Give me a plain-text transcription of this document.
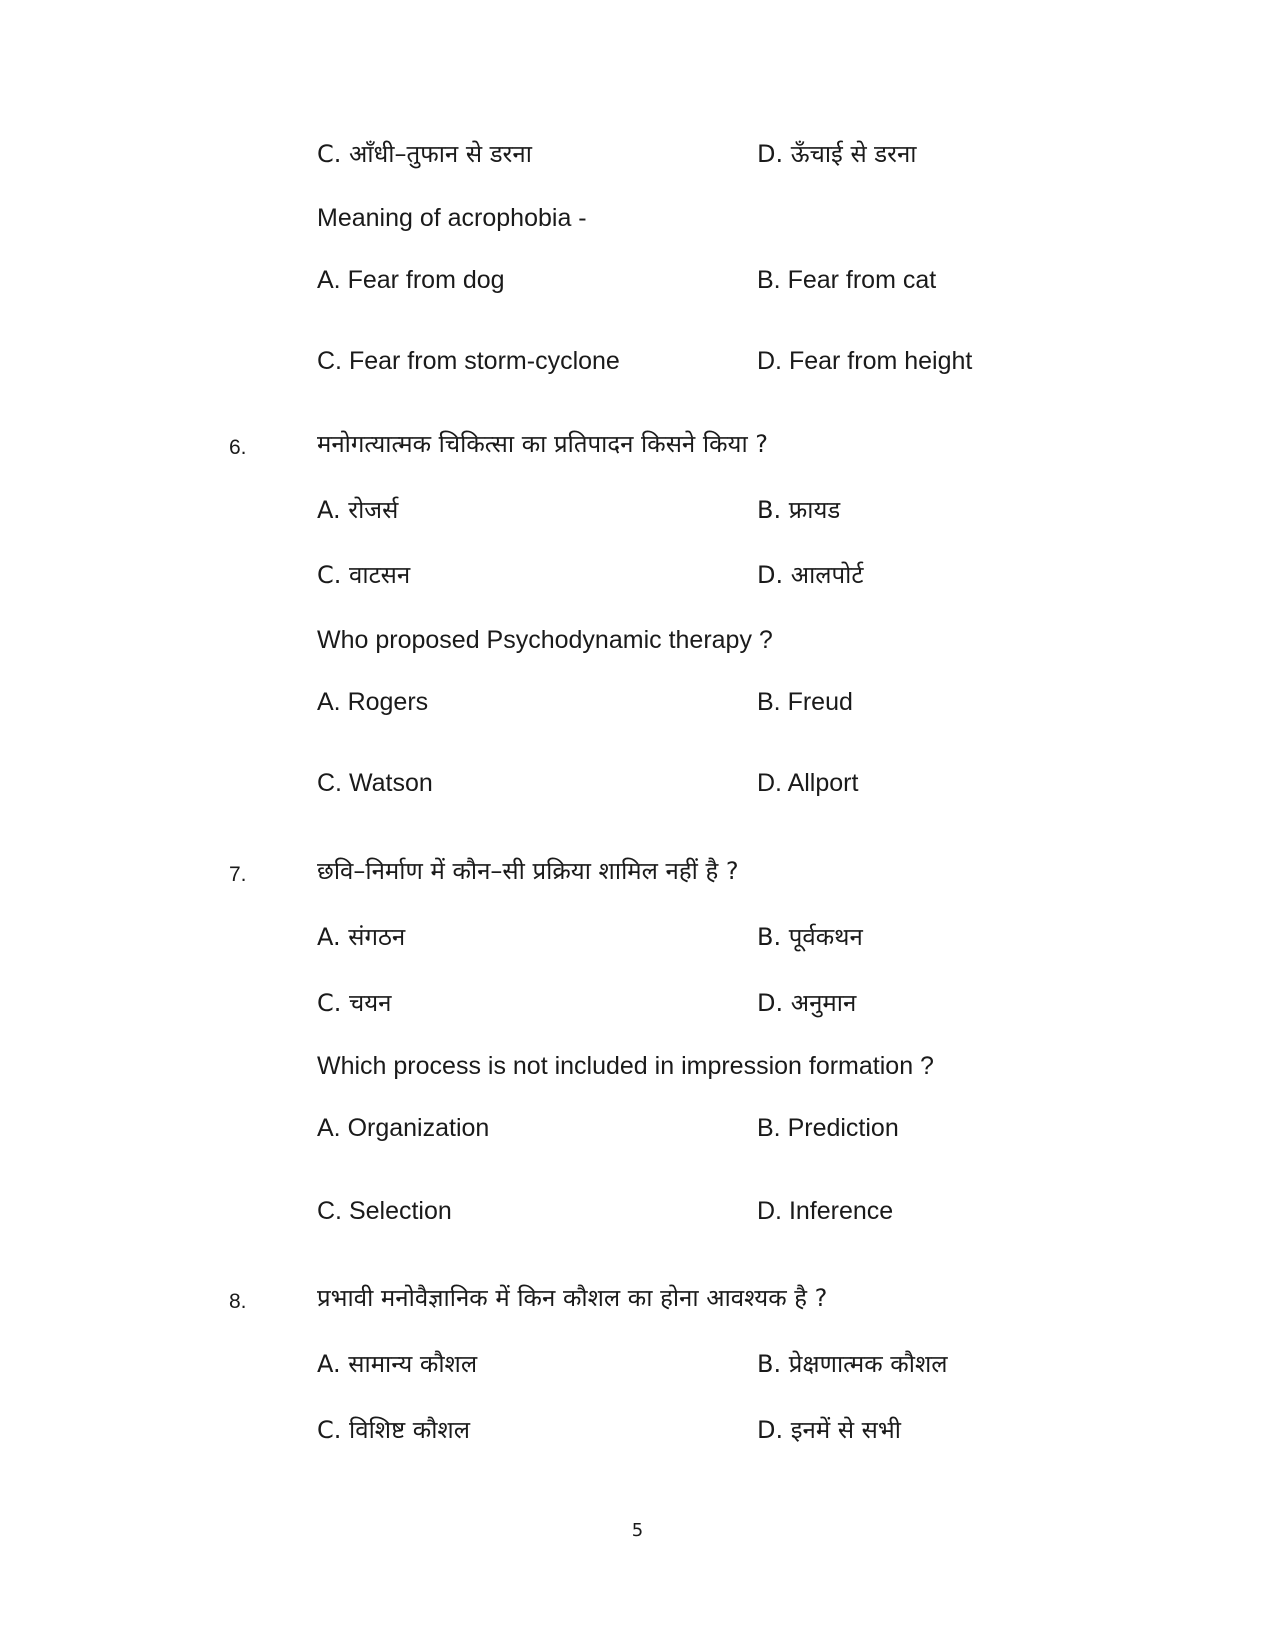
C. आँधी–तुफान से डरना	D. ऊँचाई से डरना
Meaning of acrophobia -
A. Fear from dog	B. Fear from cat
C. Fear from storm-cyclone	D. Fear from height
6.	मनोगत्यात्मक चिकित्सा का प्रतिपादन किसने किया ?
A. रोजर्स	B. फ्रायड
C. वाटसन	D. आलपोर्ट
Who proposed Psychodynamic therapy ?
A. Rogers	B. Freud
C. Watson	D. Allport
7.	छवि–निर्माण में कौन–सी प्रक्रिया शामिल नहीं है ?
A. संगठन	B. पूर्वकथन
C. चयन	D. अनुमान
Which process is not included in impression formation ?
A. Organization	B. Prediction
C. Selection	D. Inference
8.	प्रभावी मनोवैज्ञानिक में किन कौशल का होना आवश्यक है ?
A. सामान्य कौशल	B. प्रेक्षणात्मक कौशल
C. विशिष्ट कौशल	D. इनमें से सभी
5
